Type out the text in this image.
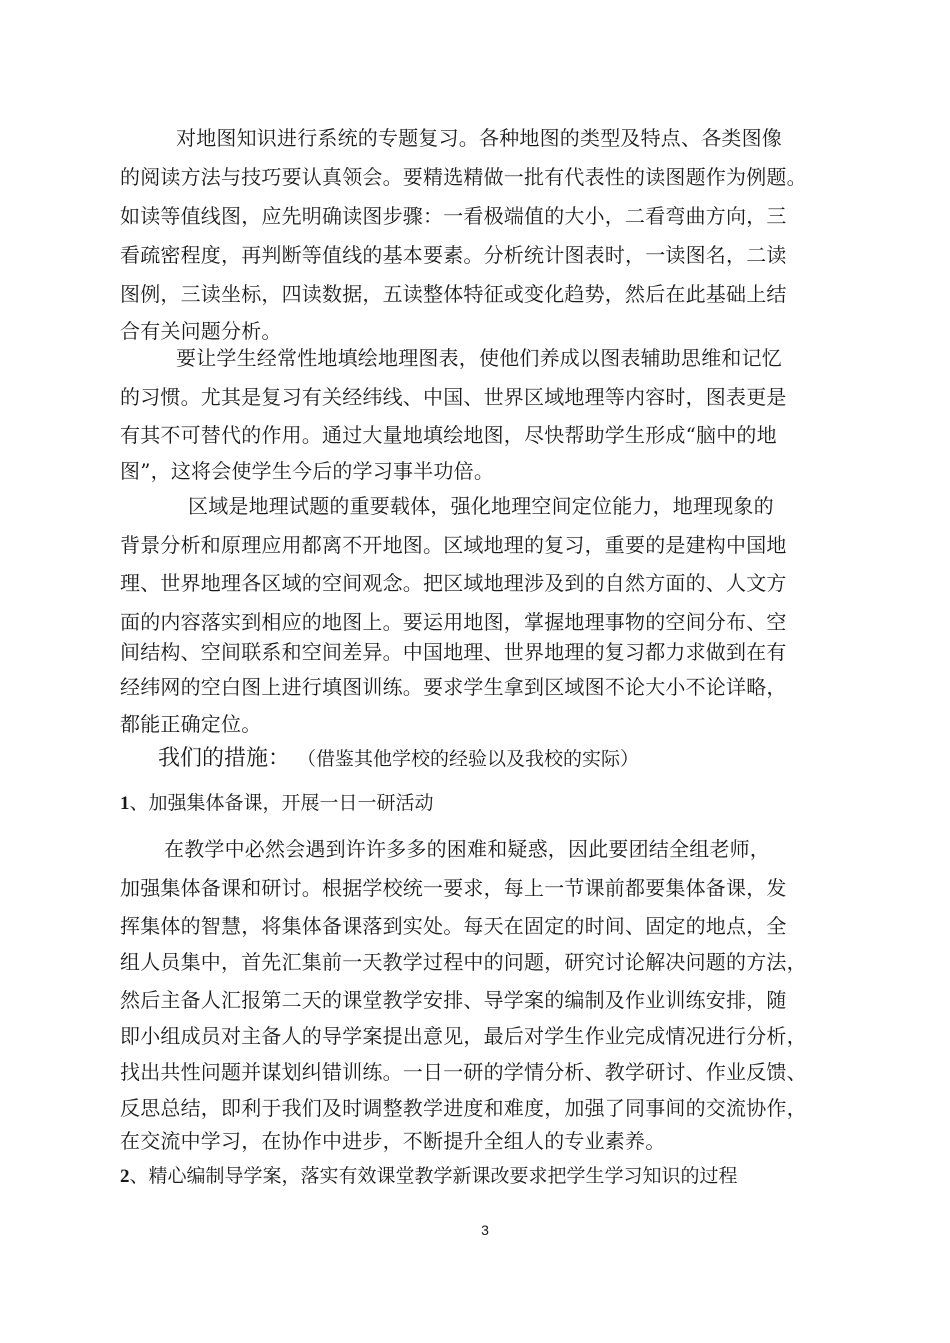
对地图知识进行系统的专题复习。各种地图的类型及特点、各类图像
的阅读方法与技巧要认真领会。要精选精做一批有代表性的读图题作为例题。
如读等值线图，应先明确读图步骤：一看极端值的大小，二看弯曲方向，三
看疏密程度，再判断等值线的基本要素。分析统计图表时，一读图名，二读
图例，三读坐标，四读数据，五读整体特征或变化趋势，然后在此基础上结
合有关问题分析。
要让学生经常性地填绘地理图表，使他们养成以图表辅助思维和记忆
的习惯。尤其是复习有关经纬线、中国、世界区域地理等内容时，图表更是
有其不可替代的作用。通过大量地填绘地图，尽快帮助学生形成“脑中的地
图”，这将会使学生今后的学习事半功倍。
区域是地理试题的重要载体，强化地理空间定位能力，地理现象的
背景分析和原理应用都离不开地图。区域地理的复习，重要的是建构中国地
理、世界地理各区域的空间观念。把区域地理涉及到的自然方面的、人文方
面的内容落实到相应的地图上。要运用地图，掌握地理事物的空间分布、空
间结构、空间联系和空间差异。中国地理、世界地理的复习都力求做到在有
经纬网的空白图上进行填图训练。要求学生拿到区域图不论大小不论详略，
都能正确定位。
我们的措施： （借鉴其他学校的经验以及我校的实际）
1、加强集体备课，开展一日一研活动
在教学中必然会遇到许许多多的困难和疑惑，因此要团结全组老师，
加强集体备课和研讨。根据学校统一要求，每上一节课前都要集体备课，发
挥集体的智慧，将集体备课落到实处。每天在固定的时间、固定的地点，全
组人员集中，首先汇集前一天教学过程中的问题，研究讨论解决问题的方法，
然后主备人汇报第二天的课堂教学安排、导学案的编制及作业训练安排，随
即小组成员对主备人的导学案提出意见，最后对学生作业完成情况进行分析，
找出共性问题并谋划纠错训练。一日一研的学情分析、教学研讨、作业反馈、
反思总结，即利于我们及时调整教学进度和难度，加强了同事间的交流协作，
在交流中学习，在协作中进步，不断提升全组人的专业素养。
2、精心编制导学案，落实有效课堂教学新课改要求把学生学习知识的过程
3
